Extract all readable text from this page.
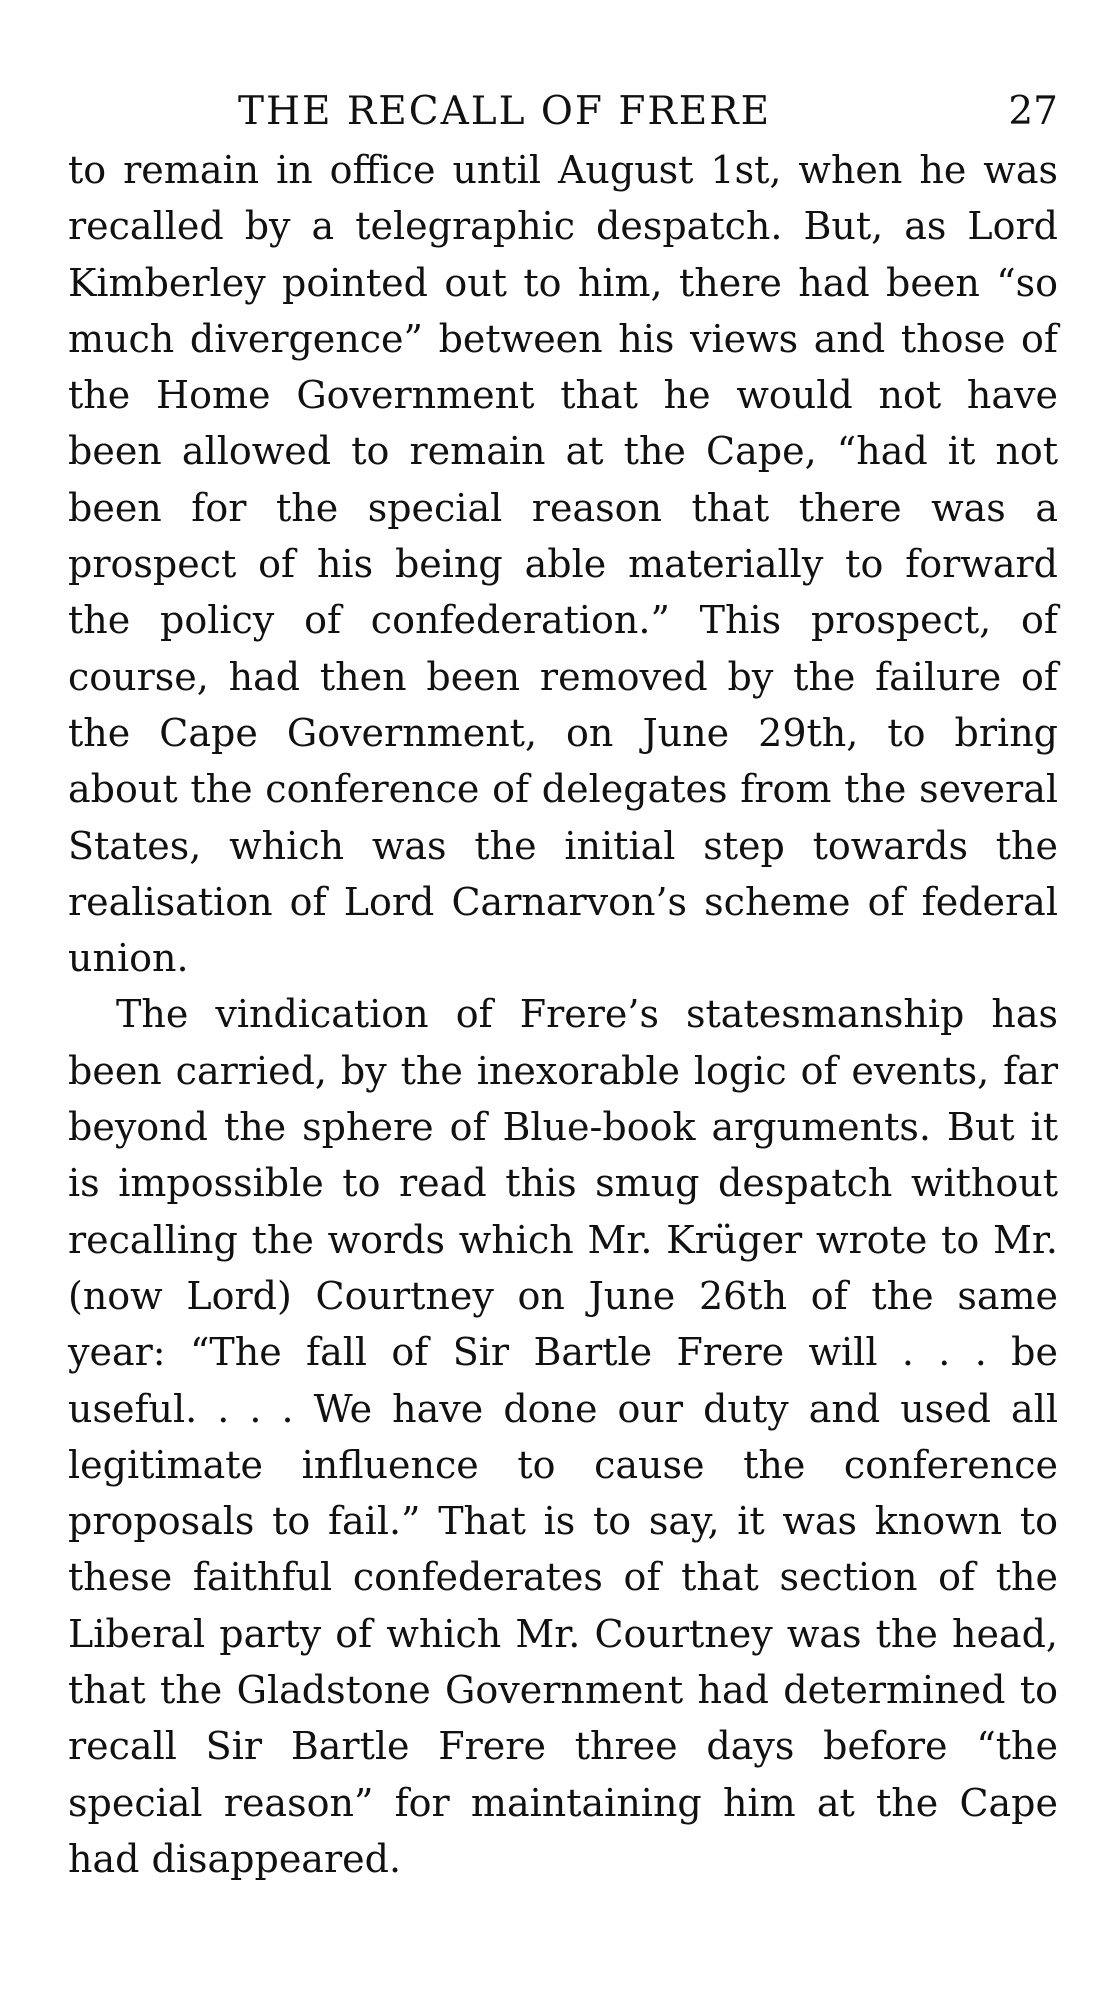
THE RECALL OF FRERE	27

to remain in office until August 1st, when he was recalled by a telegraphic despatch. But, as Lord Kimberley pointed out to him, there had been “so much divergence” between his views and those of the Home Government that he would not have been allowed to remain at the Cape, “had it not been for the special reason that there was a prospect of his being able materially to forward the policy of confederation.” This prospect, of course, had then been removed by the failure of the Cape Government, on June 29th, to bring about the conference of delegates from the several States, which was the initial step towards the realisation of Lord Carnarvon’s scheme of federal union.

The vindication of Frere’s statesmanship has been carried, by the inexorable logic of events, far beyond the sphere of Blue-book arguments. But it is impossible to read this smug despatch without recalling the words which Mr. Krüger wrote to Mr. (now Lord) Courtney on June 26th of the same year: “The fall of Sir Bartle Frere will . . . be useful. . . . We have done our duty and used all legitimate influence to cause the conference proposals to fail.” That is to say, it was known to these faithful confederates of that section of the Liberal party of which Mr. Courtney was the head, that the Gladstone Government had determined to recall Sir Bartle Frere three days before “the special reason” for maintaining him at the Cape had disappeared.
